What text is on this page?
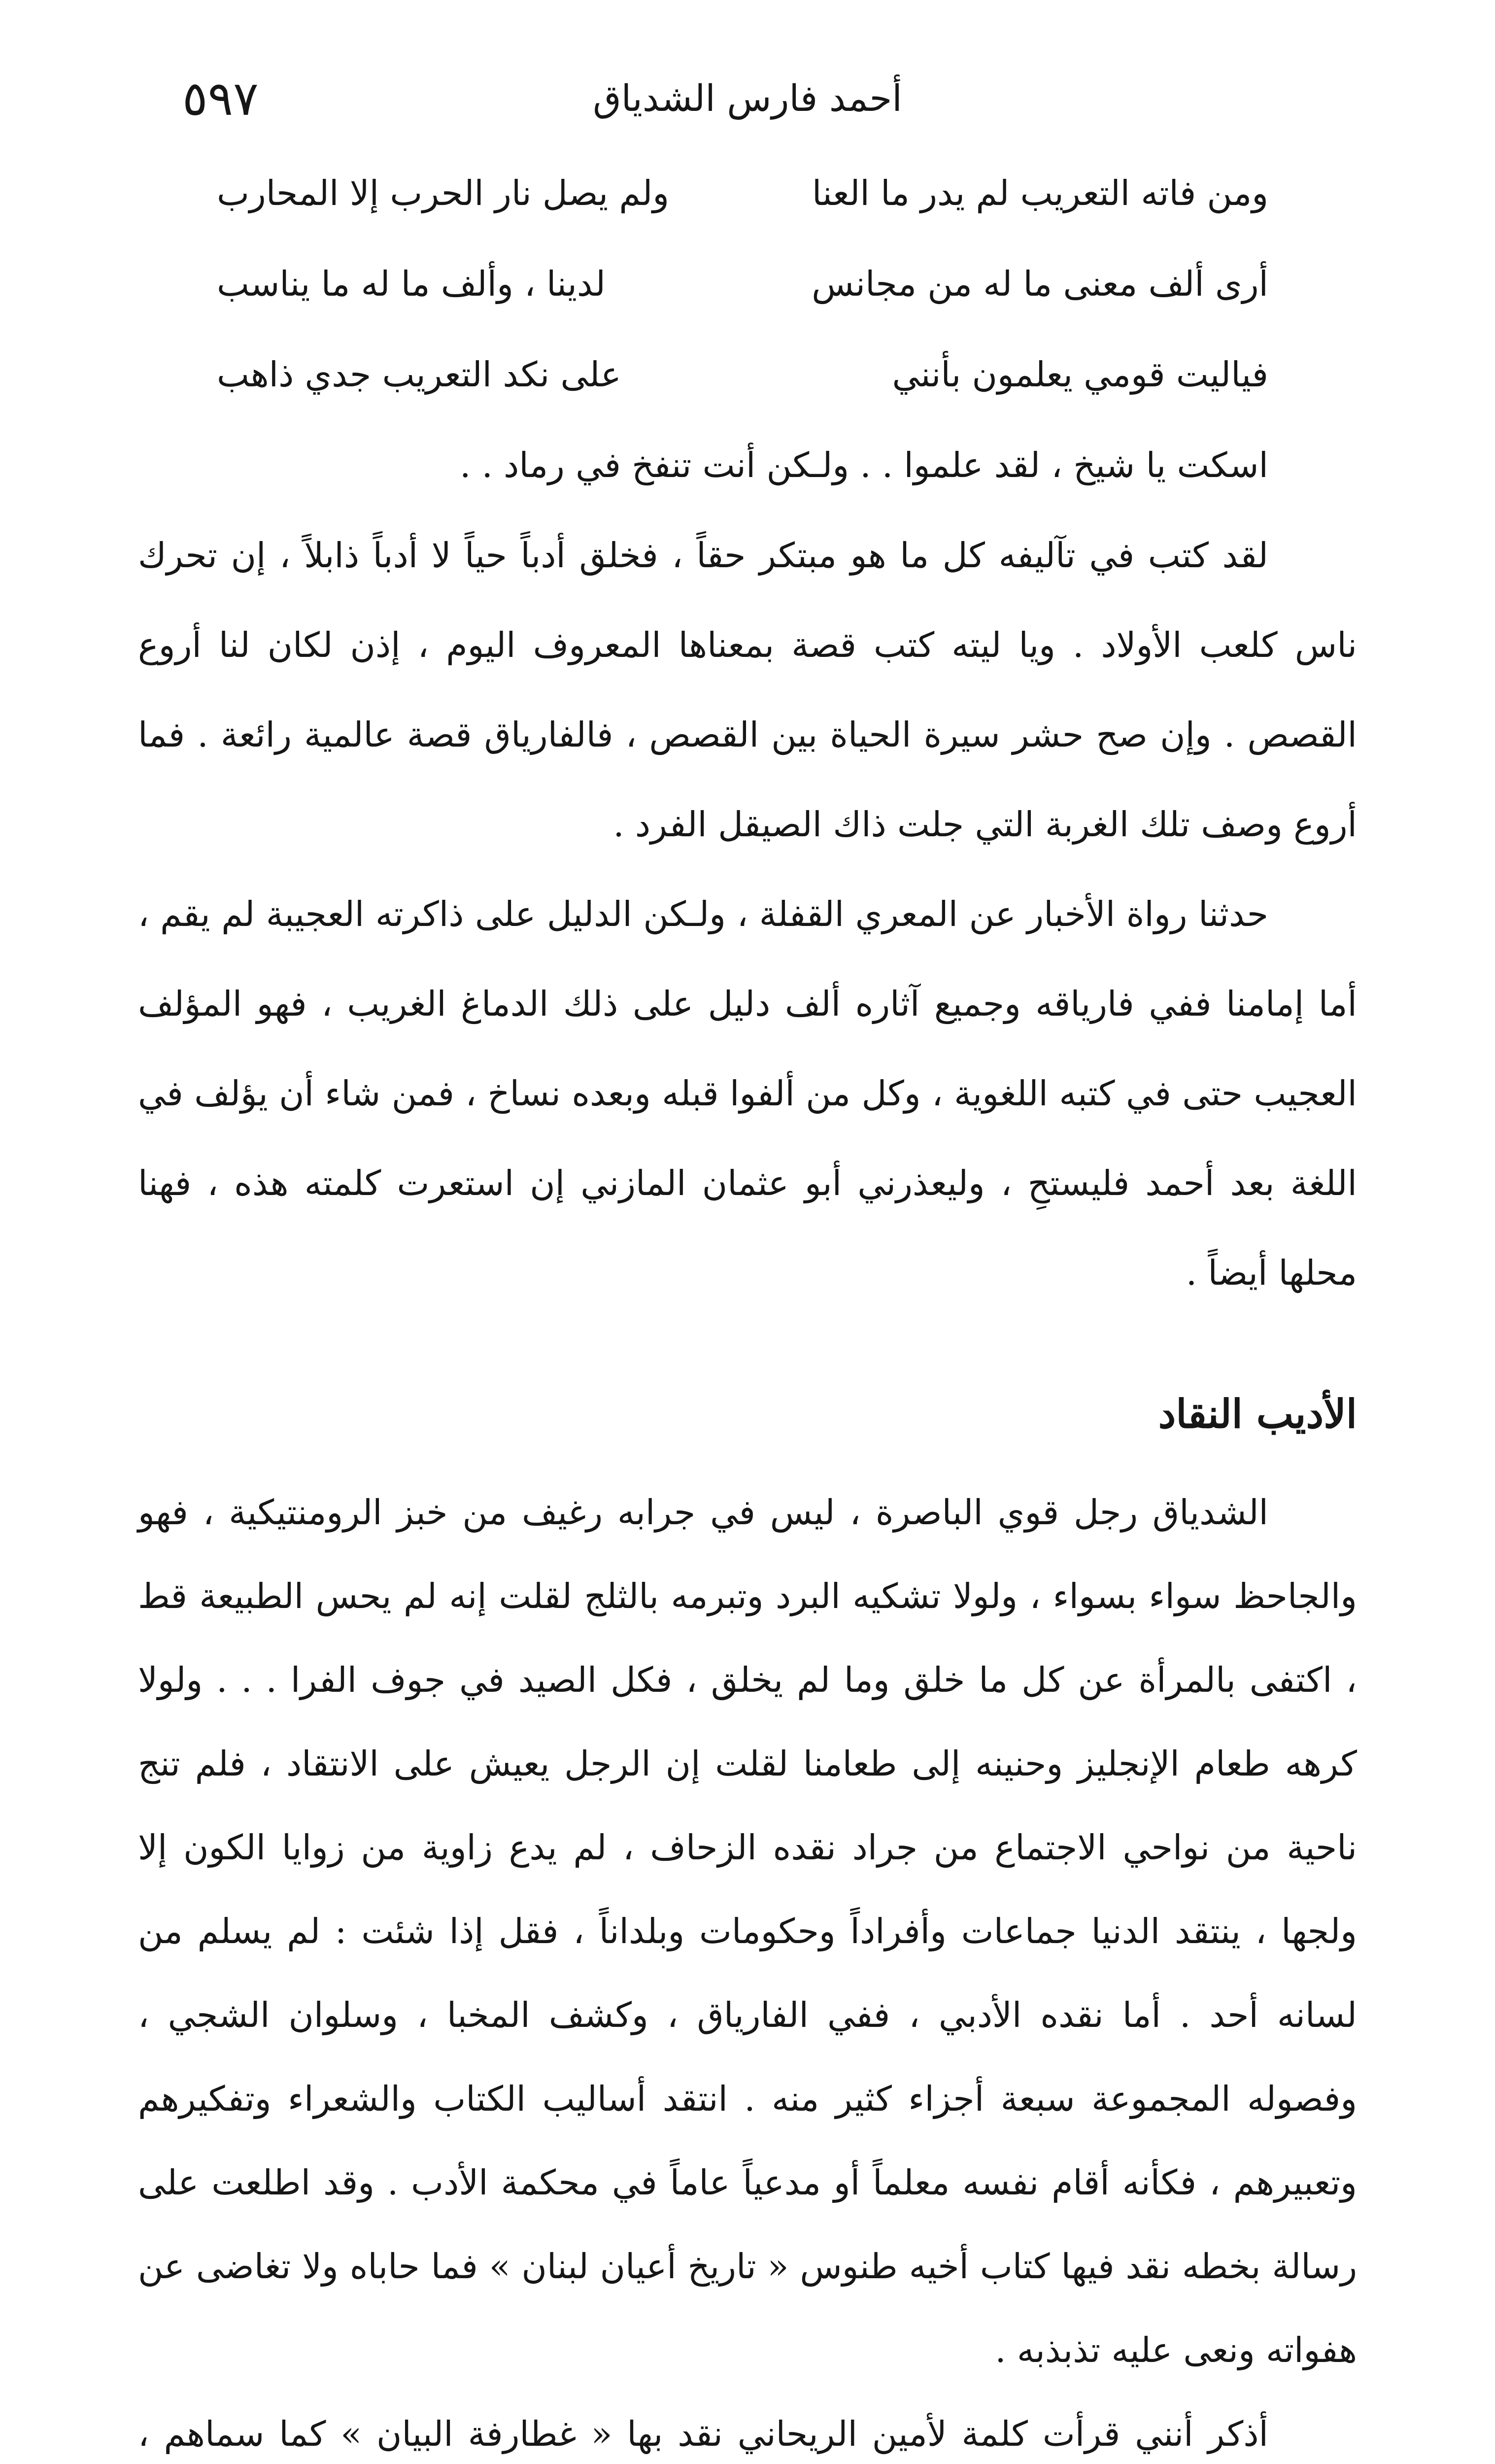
أحمد فارس الشدياق
٥٩٧
ومن فاته التعريب لم يدر ما العنا
ولم يصل نار الحرب إلا المحارب
أرى ألف معنى ما له من مجانس
لدينا ، وألف ما له ما يناسب
فياليت قومي يعلمون بأنني
على نكد التعريب جدي ذاهب
اسكت يا شيخ ، لقد علموا . . ولـكن أنت تنفخ في رماد . .

لقد كتب في تآليفه كل ما هو مبتكر حقاً ، فخلق أدباً حياً لا أدباً ذابلاً ، إن تحرك ناس كلعب الأولاد . ويا ليته كتب قصة بمعناها المعروف اليوم ، إذن لكان لنا أروع القصص . وإن صح حشر سيرة الحياة بين القصص ، فالفارياق قصة عالمية رائعة . فما أروع وصف تلك الغربة التي جلت ذاك الصيقل الفرد .

حدثنا رواة الأخبار عن المعري القفلة ، ولـكن الدليل على ذاكرته العجيبة لم يقم ، أما إمامنا ففي فارياقه وجميع آثاره ألف دليل على ذلك الدماغ الغريب ، فهو المؤلف العجيب حتى في كتبه اللغوية ، وكل من ألفوا قبله وبعده نساخ ، فمن شاء أن يؤلف في اللغة بعد أحمد فليستحِ ، وليعذرني أبو عثمان المازني إن استعرت كلمته هذه ، فهنا محلها أيضاً .

الأديب النقاد

الشدياق رجل قوي الباصرة ، ليس في جرابه رغيف من خبز الرومنتيكية ، فهو والجاحظ سواء بسواء ، ولولا تشكيه البرد وتبرمه بالثلج لقلت إنه لم يحس الطبيعة قط ، اكتفى بالمرأة عن كل ما خلق وما لم يخلق ، فكل الصيد في جوف الفرا . . . ولولا كرهه طعام الإنجليز وحنينه إلى طعامنا لقلت إن الرجل يعيش على الانتقاد ، فلم تنج ناحية من نواحي الاجتماع من جراد نقده الزحاف ، لم يدع زاوية من زوايا الكون إلا ولجها ، ينتقد الدنيا جماعات وأفراداً وحكومات وبلداناً ، فقل إذا شئت : لم يسلم من لسانه أحد . أما نقده الأدبي ، ففي الفارياق ، وكشف المخبا ، وسلوان الشجي ، وفصوله المجموعة سبعة أجزاء كثير منه . انتقد أساليب الكتاب والشعراء وتفكيرهم وتعبيرهم ، فكأنه أقام نفسه معلماً أو مدعياً عاماً في محكمة الأدب . وقد اطلعت على رسالة بخطه نقد فيها كتاب أخيه طنوس « تاريخ أعيان لبنان » فما حاباه ولا تغاضى عن هفواته ونعى عليه تذبذبه .

أذكر أنني قرأت كلمة لأمين الريحاني نقد بها « غطارفة البيان » كما سماهم ،
